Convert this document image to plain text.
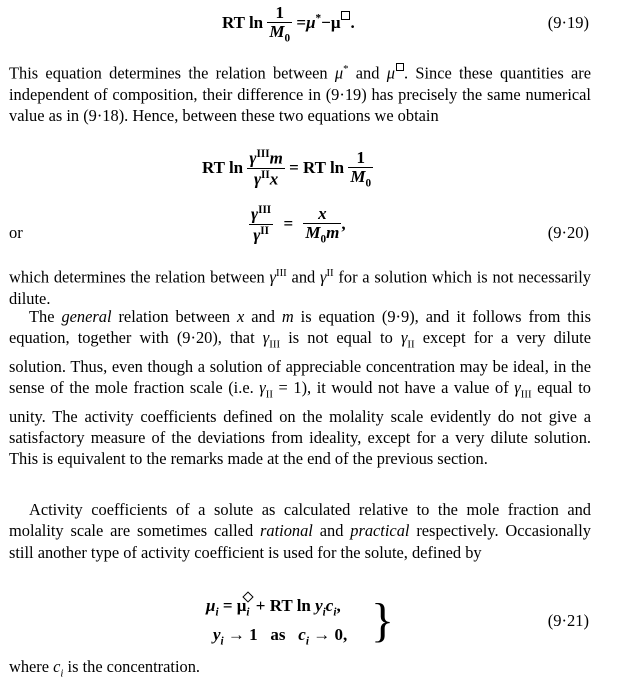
RT $\ln \frac{1}{M_0} =\mu^*-\mu$ .	(9·19)

This equation determines the relation between μ* and μ . Since these quantities are independent of composition, their difference in (9·19) has precisely the same numerical value as in (9·18). Hence, between these two equations we obtain

RT $\ln \frac{\gamma^{III}m}{\gamma^{II}x}$ = RT $\ln \frac{1}{M_0}$
or	$\frac{\gamma^{III}}{\gamma^{II}} = \frac{x}{M_0m}$ ,	(9·20)

which determines the relation between $\gamma^{III}$ and $\gamma^{II}$ for a solution which is not necessarily dilute.

The general relation between x and m is equation (9·9), and it follows from this equation, together with (9·20), that $\gamma_{III}$ is not equal to $\gamma_{II}$ except for a very dilute solution. Thus, even though a solution of appreciable concentration may be ideal, in the sense of the mole fraction scale (i.e. $\gamma_{II} = 1$), it would not have a value of $\gamma_{III}$ equal to unity. The activity coefficients defined on the molality scale evidently do not give a satisfactory measure of the deviations from ideality, except for a very dilute solution. This is equivalent to the remarks made at the end of the previous section.

Activity coefficients of a solute as calculated relative to the mole fraction and molality scale are sometimes called rational and practical respectively. Occasionally still another type of activity coefficient is used for the solute, defined by

$\mu_i = \mu_i$ + RT $\ln y_ic_i$,
$y_i \to 1$   as   $c_i \to 0$, }	(9·21)

where $c_i$ is the concentration.
